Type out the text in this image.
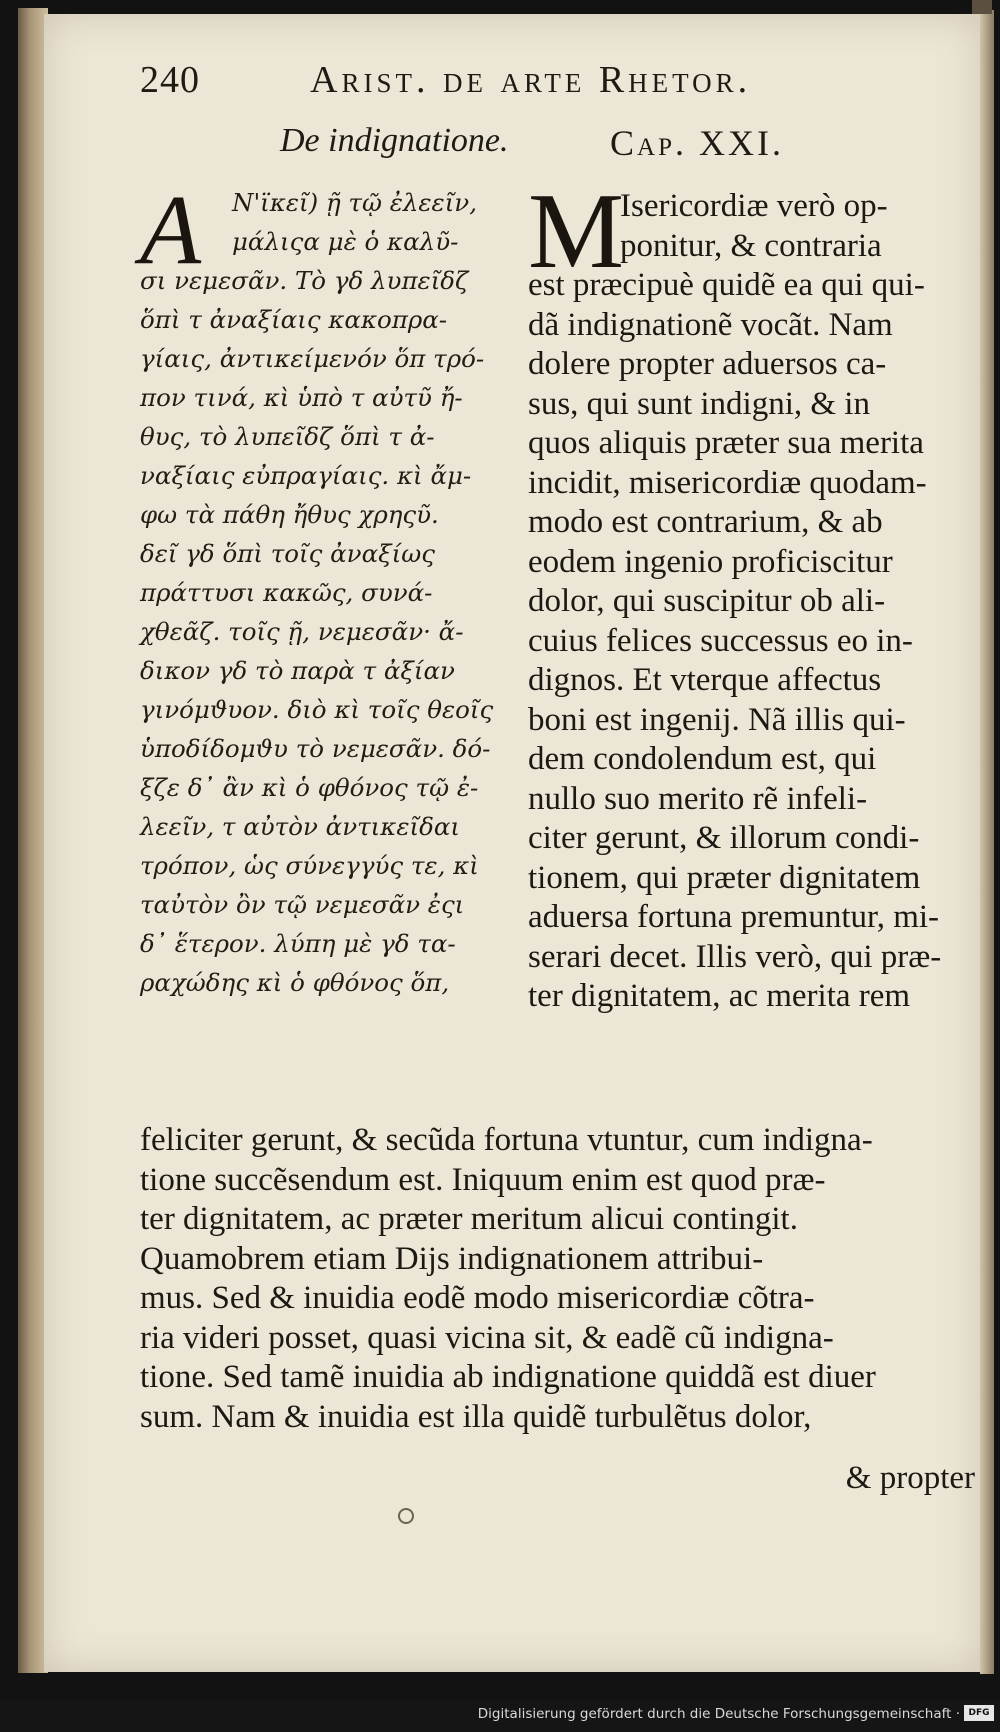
240	Arist. de arte Rhetor.
De indignatione.	Cap. XXI.
A	Ν'ϊκεῖ) ῇ τῷ ἐλεεῖν,
μάλιςα μὲ ὁ καλῦ-
σι νεμεσᾶν. Τὸ γδ λυπεῖδζ
ὅπὶ τ ἀναξίαις κακοπρα-
γίαις, ἀντικείμενόν ὅπ τρό-
πον τινά, κὶ ὑπὸ τ αὐτῦ ἤ-
θυς, τὸ λυπεῖδζ ὅπὶ τ ἀ-
ναξίαις εὐπραγίαις. κὶ ἄμ-
φω τὰ πάθη ἤθυς χρηςῦ.
δεῖ γδ ὅπὶ τοῖς ἀναξίως
πράττυσι κακῶς, συνά-
χθεᾶζ. τοῖς ῇ, νεμεσᾶν· ἄ-
δικον γδ τὸ παρὰ τ ἀξίαν
γινόμϑυον. διὸ κὶ τοῖς θεοῖς
ὑποδίδομϑυ τὸ νεμεσᾶν. δό-
ξζε δ᾽ ἂν κὶ ὁ φθόνος τῷ ἐ-
λεεῖν, τ αὐτὸν ἀντικεῖδαι
τρόπον, ὡς σύνεγγύς τε, κὶ
ταὐτὸν ὂν τῷ νεμεσᾶν ἐςι
δ᾽ ἕτερον. λύπη μὲ γδ τα-
ραχώδης κὶ ὁ φθόνος ὅπ,
M
Isericordiæ verò op-
ponitur, & contraria
est præcipuè quidẽ ea qui qui-
dã indignationẽ vocãt. Nam
dolere propter aduersos ca-
sus, qui sunt indigni, & in
quos aliquis præter sua merita
incidit, misericordiæ quodam-
modo est contrarium, & ab
eodem ingenio proficiscitur
dolor, qui suscipitur ob ali-
cuius felices successus eo in-
dignos. Et vterque affectus
boni est ingenij. Nã illis qui-
dem condolendum est, qui
nullo suo merito rẽ infeli-
citer gerunt, & illorum condi-
tionem, qui præter dignitatem
aduersa fortuna premuntur, mi-
serari decet. Illis verò, qui præ-
ter dignitatem, ac merita rem
feliciter gerunt, & secũda fortuna vtuntur, cum indigna-
tione succẽsendum est. Iniquum enim est quod præ-
ter dignitatem, ac præter meritum alicui contingit.
Quamobrem etiam Dijs indignationem attribui-
mus. Sed & inuidia eodẽ modo misericordiæ cõtra-
ria videri posset, quasi vicina sit, & eadẽ cũ indigna-
tione. Sed tamẽ inuidia ab indignatione quiddã est diuer
sum. Nam & inuidia est illa quidẽ turbulẽtus dolor,
& propter
Digitalisierung gefördert durch die Deutsche Forschungsgemeinschaft · DFG
